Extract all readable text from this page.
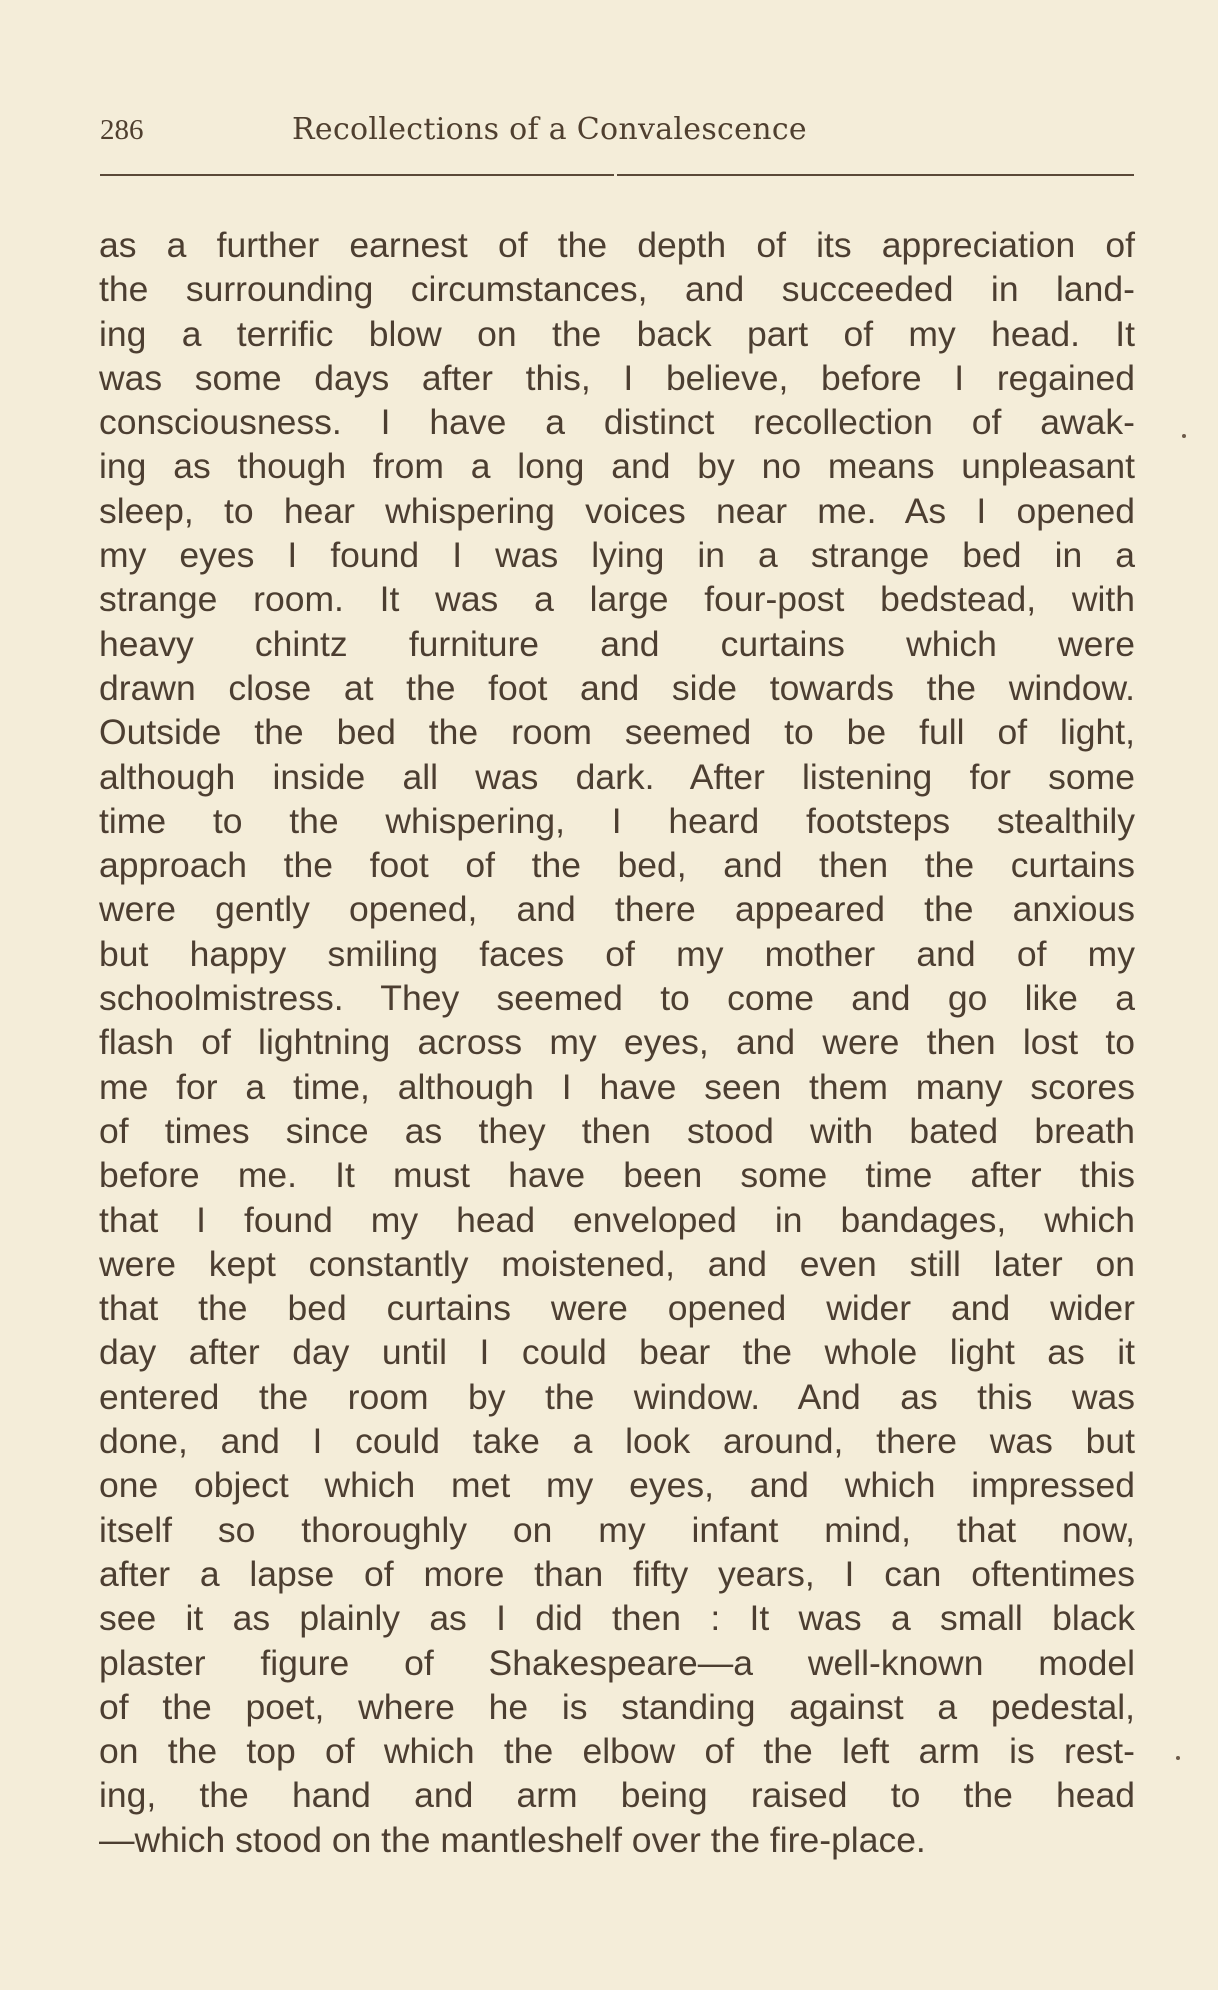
286	Recollections of a Convalescence
as a further earnest of the depth of its appreciation of
the surrounding circumstances, and succeeded in land-
ing a terrific blow on the back part of my head. It
was some days after this, I believe, before I regained
consciousness. I have a distinct recollection of awak-
ing as though from a long and by no means unpleasant
sleep, to hear whispering voices near me. As I opened
my eyes I found I was lying in a strange bed in a
strange room. It was a large four-post bedstead, with
heavy chintz furniture and curtains which were
drawn close at the foot and side towards the window.
Outside the bed the room seemed to be full of light,
although inside all was dark. After listening for some
time to the whispering, I heard footsteps stealthily
approach the foot of the bed, and then the curtains
were gently opened, and there appeared the anxious
but happy smiling faces of my mother and of my
schoolmistress. They seemed to come and go like a
flash of lightning across my eyes, and were then lost to
me for a time, although I have seen them many scores
of times since as they then stood with bated breath
before me. It must have been some time after this
that I found my head enveloped in bandages, which
were kept constantly moistened, and even still later on
that the bed curtains were opened wider and wider
day after day until I could bear the whole light as it
entered the room by the window. And as this was
done, and I could take a look around, there was but
one object which met my eyes, and which impressed
itself so thoroughly on my infant mind, that now,
after a lapse of more than fifty years, I can oftentimes
see it as plainly as I did then : It was a small black
plaster figure of Shakespeare—a well-known model
of the poet, where he is standing against a pedestal,
on the top of which the elbow of the left arm is rest-
ing, the hand and arm being raised to the head
—which stood on the mantleshelf over the fire-place.
